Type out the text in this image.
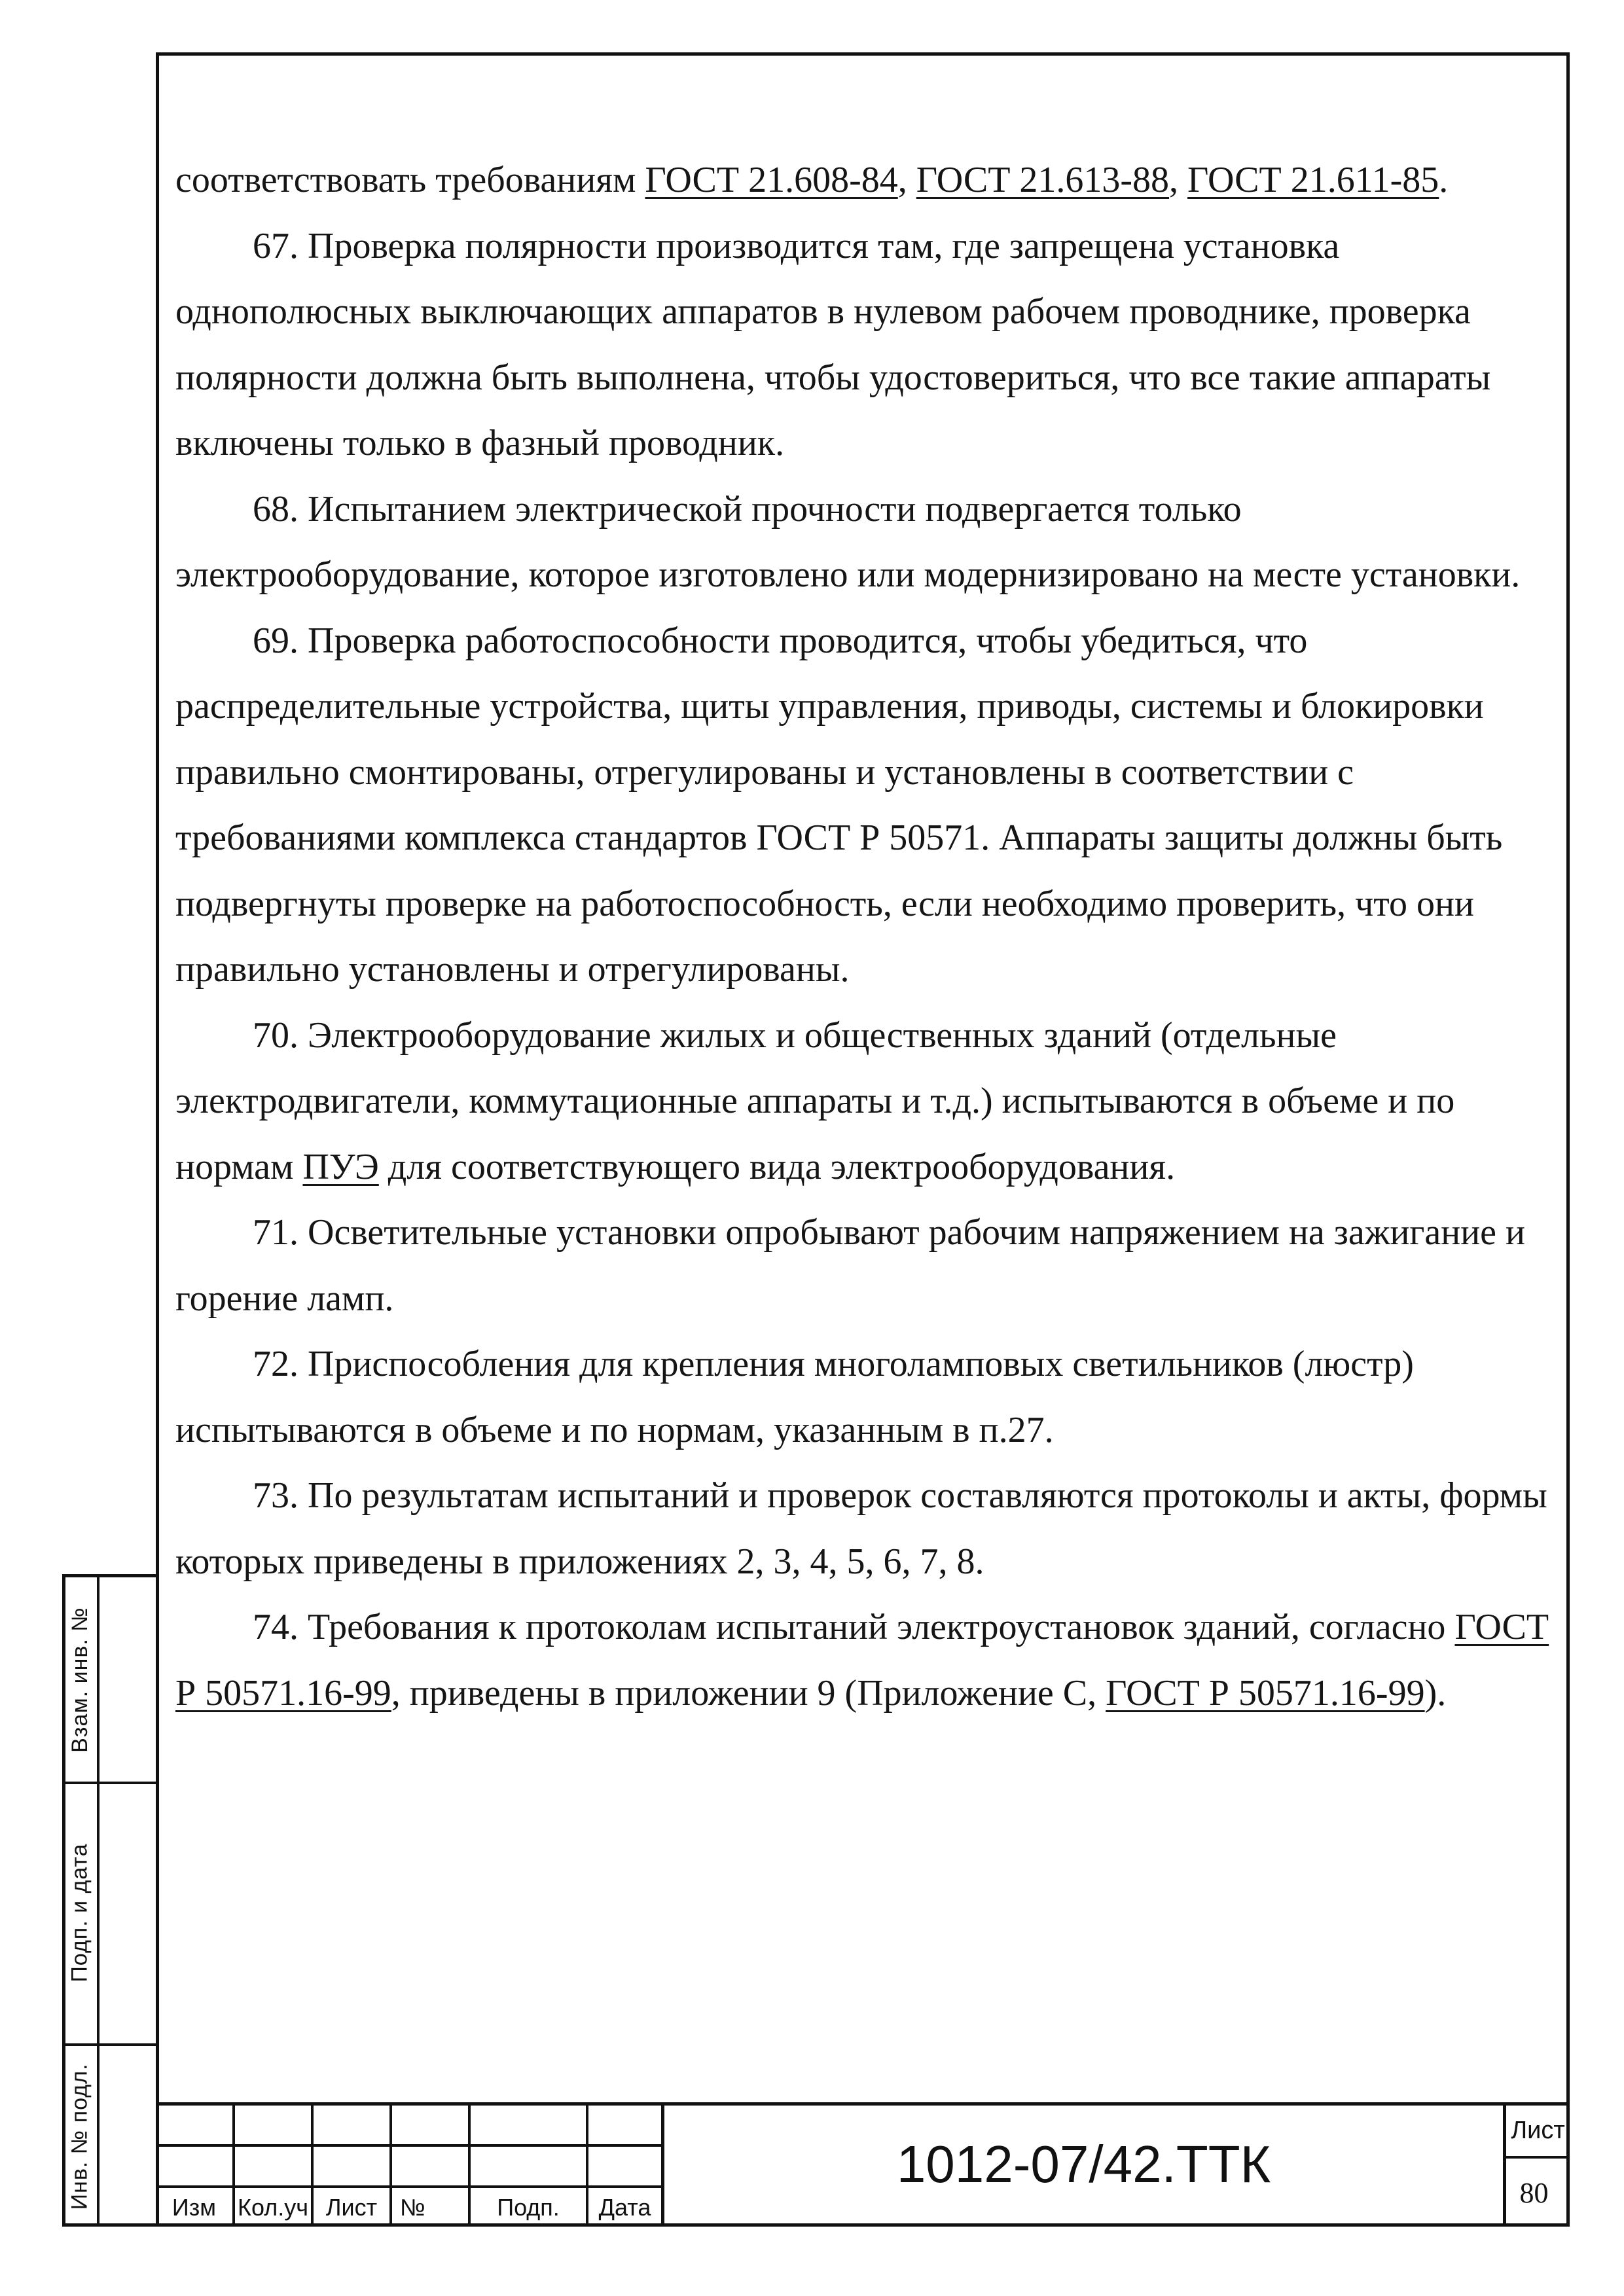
соответствовать требованиям ГОСТ 21.608-84, ГОСТ 21.613-88, ГОСТ 21.611-85.

67. Проверка полярности производится там, где запрещена установка однополюсных выключающих аппаратов в нулевом рабочем проводнике, проверка полярности должна быть выполнена, чтобы удостовериться, что все такие аппараты включены только в фазный проводник.

68. Испытанием электрической прочности подвергается только электрооборудование, которое изготовлено или модернизировано на месте установки.

69. Проверка работоспособности проводится, чтобы убедиться, что распределительные устройства, щиты управления, приводы, системы и блокировки правильно смонтированы, отрегулированы и установлены в соответствии с требованиями комплекса стандартов ГОСТ Р 50571. Аппараты защиты должны быть подвергнуты проверке на работоспособность, если необходимо проверить, что они правильно установлены и отрегулированы.

70. Электрооборудование жилых и общественных зданий (отдельные электродвигатели, коммутационные аппараты и т.д.) испытываются в объеме и по нормам ПУЭ для соответствующего вида электрооборудования.

71. Осветительные установки опробывают рабочим напряжением на зажигание и горение ламп.

72. Приспособления для крепления многоламповых светильников (люстр) испытываются в объеме и по нормам, указанным в п.27.

73. По результатам испытаний и проверок составляются протоколы и акты, формы которых приведены в приложениях 2, 3, 4, 5, 6, 7, 8.

74. Требования к протоколам испытаний электроустановок зданий, согласно ГОСТ Р 50571.16-99, приведены в приложении 9 (Приложение С, ГОСТ Р 50571.16-99).

Взам. инв. №
Подп. и дата
Инв. № подл.	Изм Кол.уч Лист №	Подп.	Дата
1012-07/42.ТТК
Лист
80
